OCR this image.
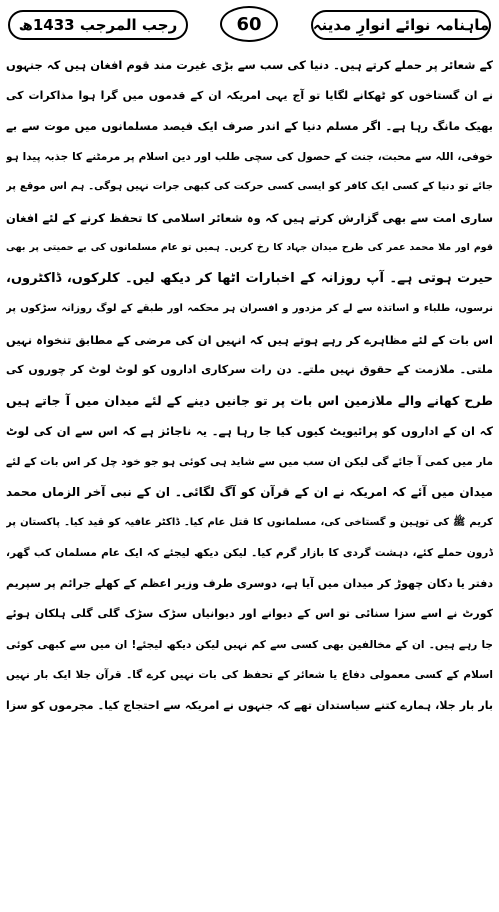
رجب المرجب 1433ھ	60	ماہنامہ نوائے انوارِ مدینہ
کے شعائر پر حملے کرتے ہیں۔ دنیا کی سب سے بڑی غیرت مند قوم افغان ہیں کہ جنہوں
نے ان گستاخوں کو ٹھکانے لگایا تو آج یہی امریکہ ان کے قدموں میں گرا ہوا مذاکرات کی
بھیک مانگ رہا ہے۔ اگر مسلم دنیا کے اندر صرف ایک فیصد مسلمانوں میں موت سے بے
خوفی، اللہ سے محبت، جنت کے حصول کی سچی طلب اور دین اسلام پر مرمٹنے کا جذبہ پیدا ہو
جائے تو دنیا کے کسی ایک کافر کو ایسی کسی حرکت کی کبھی جرات نہیں ہوگی۔ ہم اس موقع پر
ساری امت سے بھی گزارش کرتے ہیں کہ وہ شعائر اسلامی کا تحفظ کرنے کے لئے افغان
قوم اور ملا محمد عمر کی طرح میدان جہاد کا رخ کریں۔ ہمیں تو عام مسلمانوں کی بے حمیتی پر بھی
حیرت ہوتی ہے۔ آپ روزانہ کے اخبارات اٹھا کر دیکھ لیں۔ کلرکوں، ڈاکٹروں،
نرسوں، طلباء و اساتذہ سے لے کر مزدور و افسران ہر محکمہ اور طبقے کے لوگ روزانہ سڑکوں پر
اس بات کے لئے مظاہرے کر رہے ہوتے ہیں کہ انہیں ان کی مرضی کے مطابق تنخواہ نہیں
ملتی۔ ملازمت کے حقوق نہیں ملتے۔ دن رات سرکاری اداروں کو لوٹ لوٹ کر چوروں کی
طرح کھانے والے ملازمین اس بات پر تو جانیں دینے کے لئے میدان میں آ جاتے ہیں
کہ ان کے اداروں کو پرائیویٹ کیوں کیا جا رہا ہے۔ یہ ناجائز ہے کہ اس سے ان کی لوٹ
مار میں کمی آ جائے گی لیکن ان سب میں سے شاید ہی کوئی ہو جو خود چل کر اس بات کے لئے
میدان میں آئے کہ امریکہ نے ان کے قرآن کو آگ لگائی۔ ان کے نبی آخر الزماں محمد
کریم ﷺ کی توہین و گستاخی کی، مسلمانوں کا قتل عام کیا۔ ڈاکٹر عافیہ کو قید کیا۔ پاکستان پر
ڈرون حملے کئے، دہشت گردی کا بازار گرم کیا۔ لیکن دیکھ لیجئے کہ ایک عام مسلمان کب گھر،
دفتر یا دکان چھوڑ کر میدان میں آیا ہے، دوسری طرف وزیر اعظم کے کھلے جرائم پر سپریم
کورٹ نے اسے سزا سنائی تو اس کے دیوانے اور دیوانیاں سڑک سڑک گلی گلی ہلکان ہوئے
جا رہے ہیں۔ ان کے مخالفین بھی کسی سے کم نہیں لیکن دیکھ لیجئے! ان میں سے کبھی کوئی
اسلام کے کسی معمولی دفاع یا شعائر کے تحفظ کی بات نہیں کرے گا۔ قرآن جلا ایک بار نہیں
بار بار جلا، ہمارے کتنے سیاستدان تھے کہ جنہوں نے امریکہ سے احتجاج کیا۔ مجرموں کو سزا
